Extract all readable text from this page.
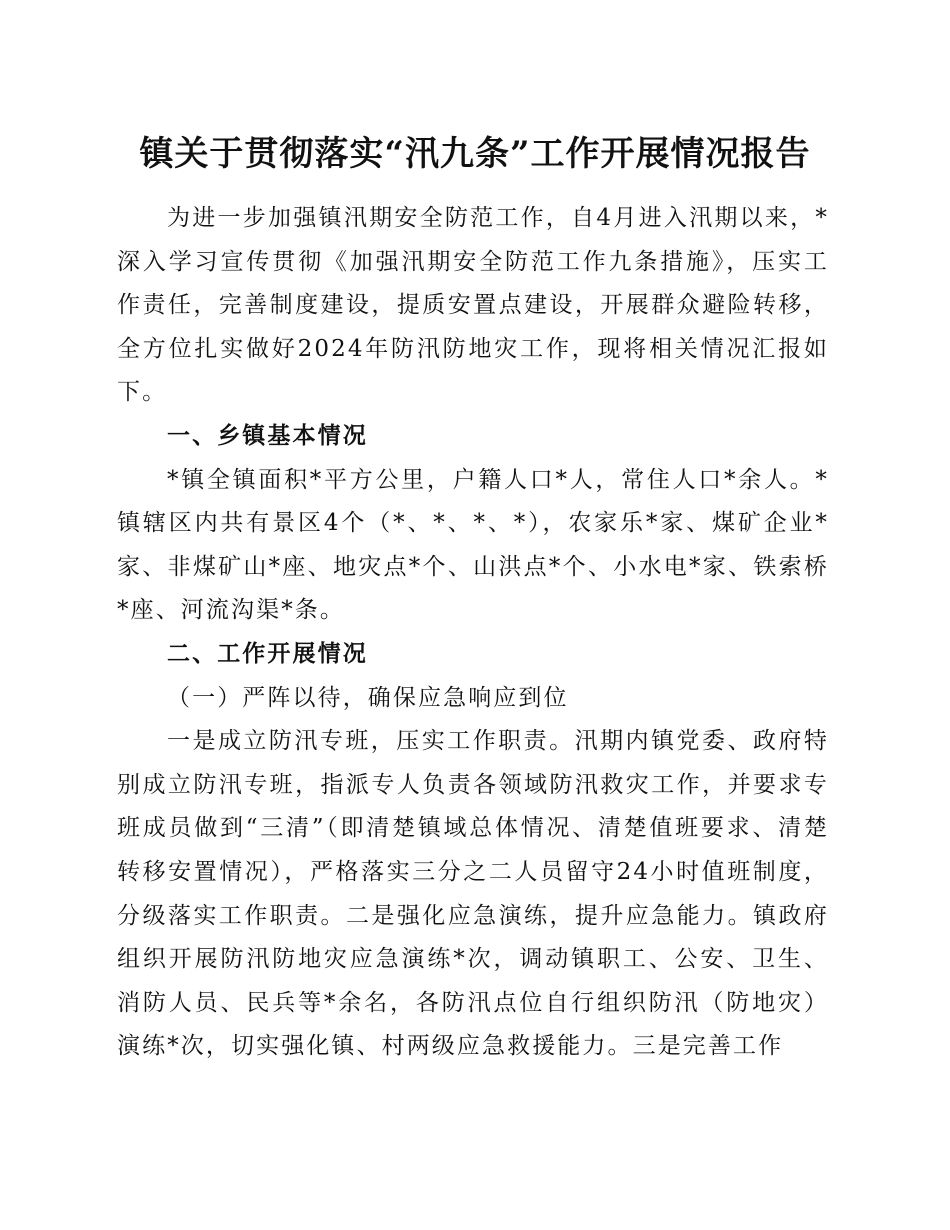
镇关于贯彻落实“汛九条”工作开展情况报告

为进一步加强镇汛期安全防范工作，自4月进入汛期以来，*深入学习宣传贯彻《加强汛期安全防范工作九条措施》，压实工作责任，完善制度建设，提质安置点建设，开展群众避险转移，全方位扎实做好2024年防汛防地灾工作，现将相关情况汇报如下。

一、乡镇基本情况

*镇全镇面积*平方公里，户籍人口*人，常住人口*余人。*镇辖区内共有景区4个（*、*、*、*），农家乐*家、煤矿企业*家、非煤矿山*座、地灾点*个、山洪点*个、小水电*家、铁索桥*座、河流沟渠*条。

二、工作开展情况
（一）严阵以待，确保应急响应到位

一是成立防汛专班，压实工作职责。汛期内镇党委、政府特别成立防汛专班，指派专人负责各领域防汛救灾工作，并要求专班成员做到“三清”（即清楚镇域总体情况、清楚值班要求、清楚转移安置情况），严格落实三分之二人员留守24小时值班制度，分级落实工作职责。二是强化应急演练，提升应急能力。镇政府组织开展防汛防地灾应急演练*次，调动镇职工、公安、卫生、消防人员、民兵等*余名，各防汛点位自行组织防汛（防地灾）演练*次，切实强化镇、村两级应急救援能力。三是完善工作
